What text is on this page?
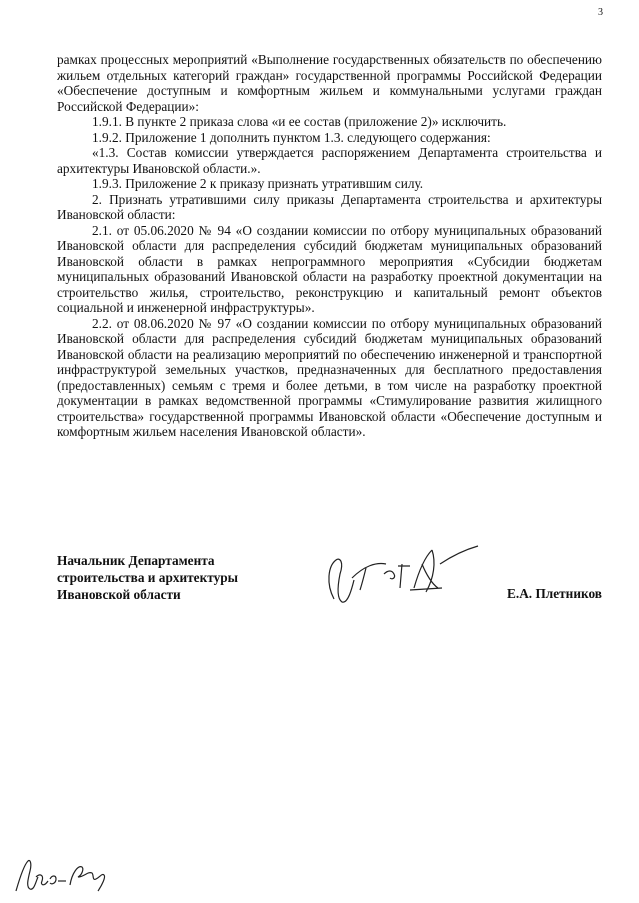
3

рамках процессных мероприятий «Выполнение государственных обязательств по обеспечению жильем отдельных категорий граждан» государственной программы Российской Федерации «Обеспечение доступным и комфортным жильем и коммунальными услугами граждан Российской Федерации»:

1.9.1. В пункте 2 приказа слова «и ее состав (приложение 2)» исключить.

1.9.2. Приложение 1 дополнить пунктом 1.3. следующего содержания:

«1.3. Состав комиссии утверждается распоряжением Департамента строительства и архитектуры Ивановской области.».

1.9.3. Приложение 2 к приказу признать утратившим силу.

2. Признать утратившими силу приказы Департамента строительства и архитектуры Ивановской области:

2.1. от 05.06.2020 № 94 «О создании комиссии по отбору муниципальных образований Ивановской области для распределения субсидий бюджетам муниципальных образований Ивановской области в рамках непрограммного мероприятия «Субсидии бюджетам муниципальных образований Ивановской области на разработку проектной документации на строительство жилья, строительство, реконструкцию и капитальный ремонт объектов социальной и инженерной инфраструктуры».

2.2. от 08.06.2020 № 97 «О создании комиссии по отбору муниципальных образований Ивановской области для распределения субсидий бюджетам муниципальных образований Ивановской области на реализацию мероприятий по обеспечению инженерной и транспортной инфраструктурой земельных участков, предназначенных для бесплатного предоставления (предоставленных) семьям с тремя и более детьми, в том числе на разработку проектной документации в рамках ведомственной программы «Стимулирование развития жилищного строительства» государственной программы Ивановской области «Обеспечение доступным и комфортным жильем населения Ивановской области».

Начальник Департамента
строительства и архитектуры
Ивановской области	Е.А. Плетников
